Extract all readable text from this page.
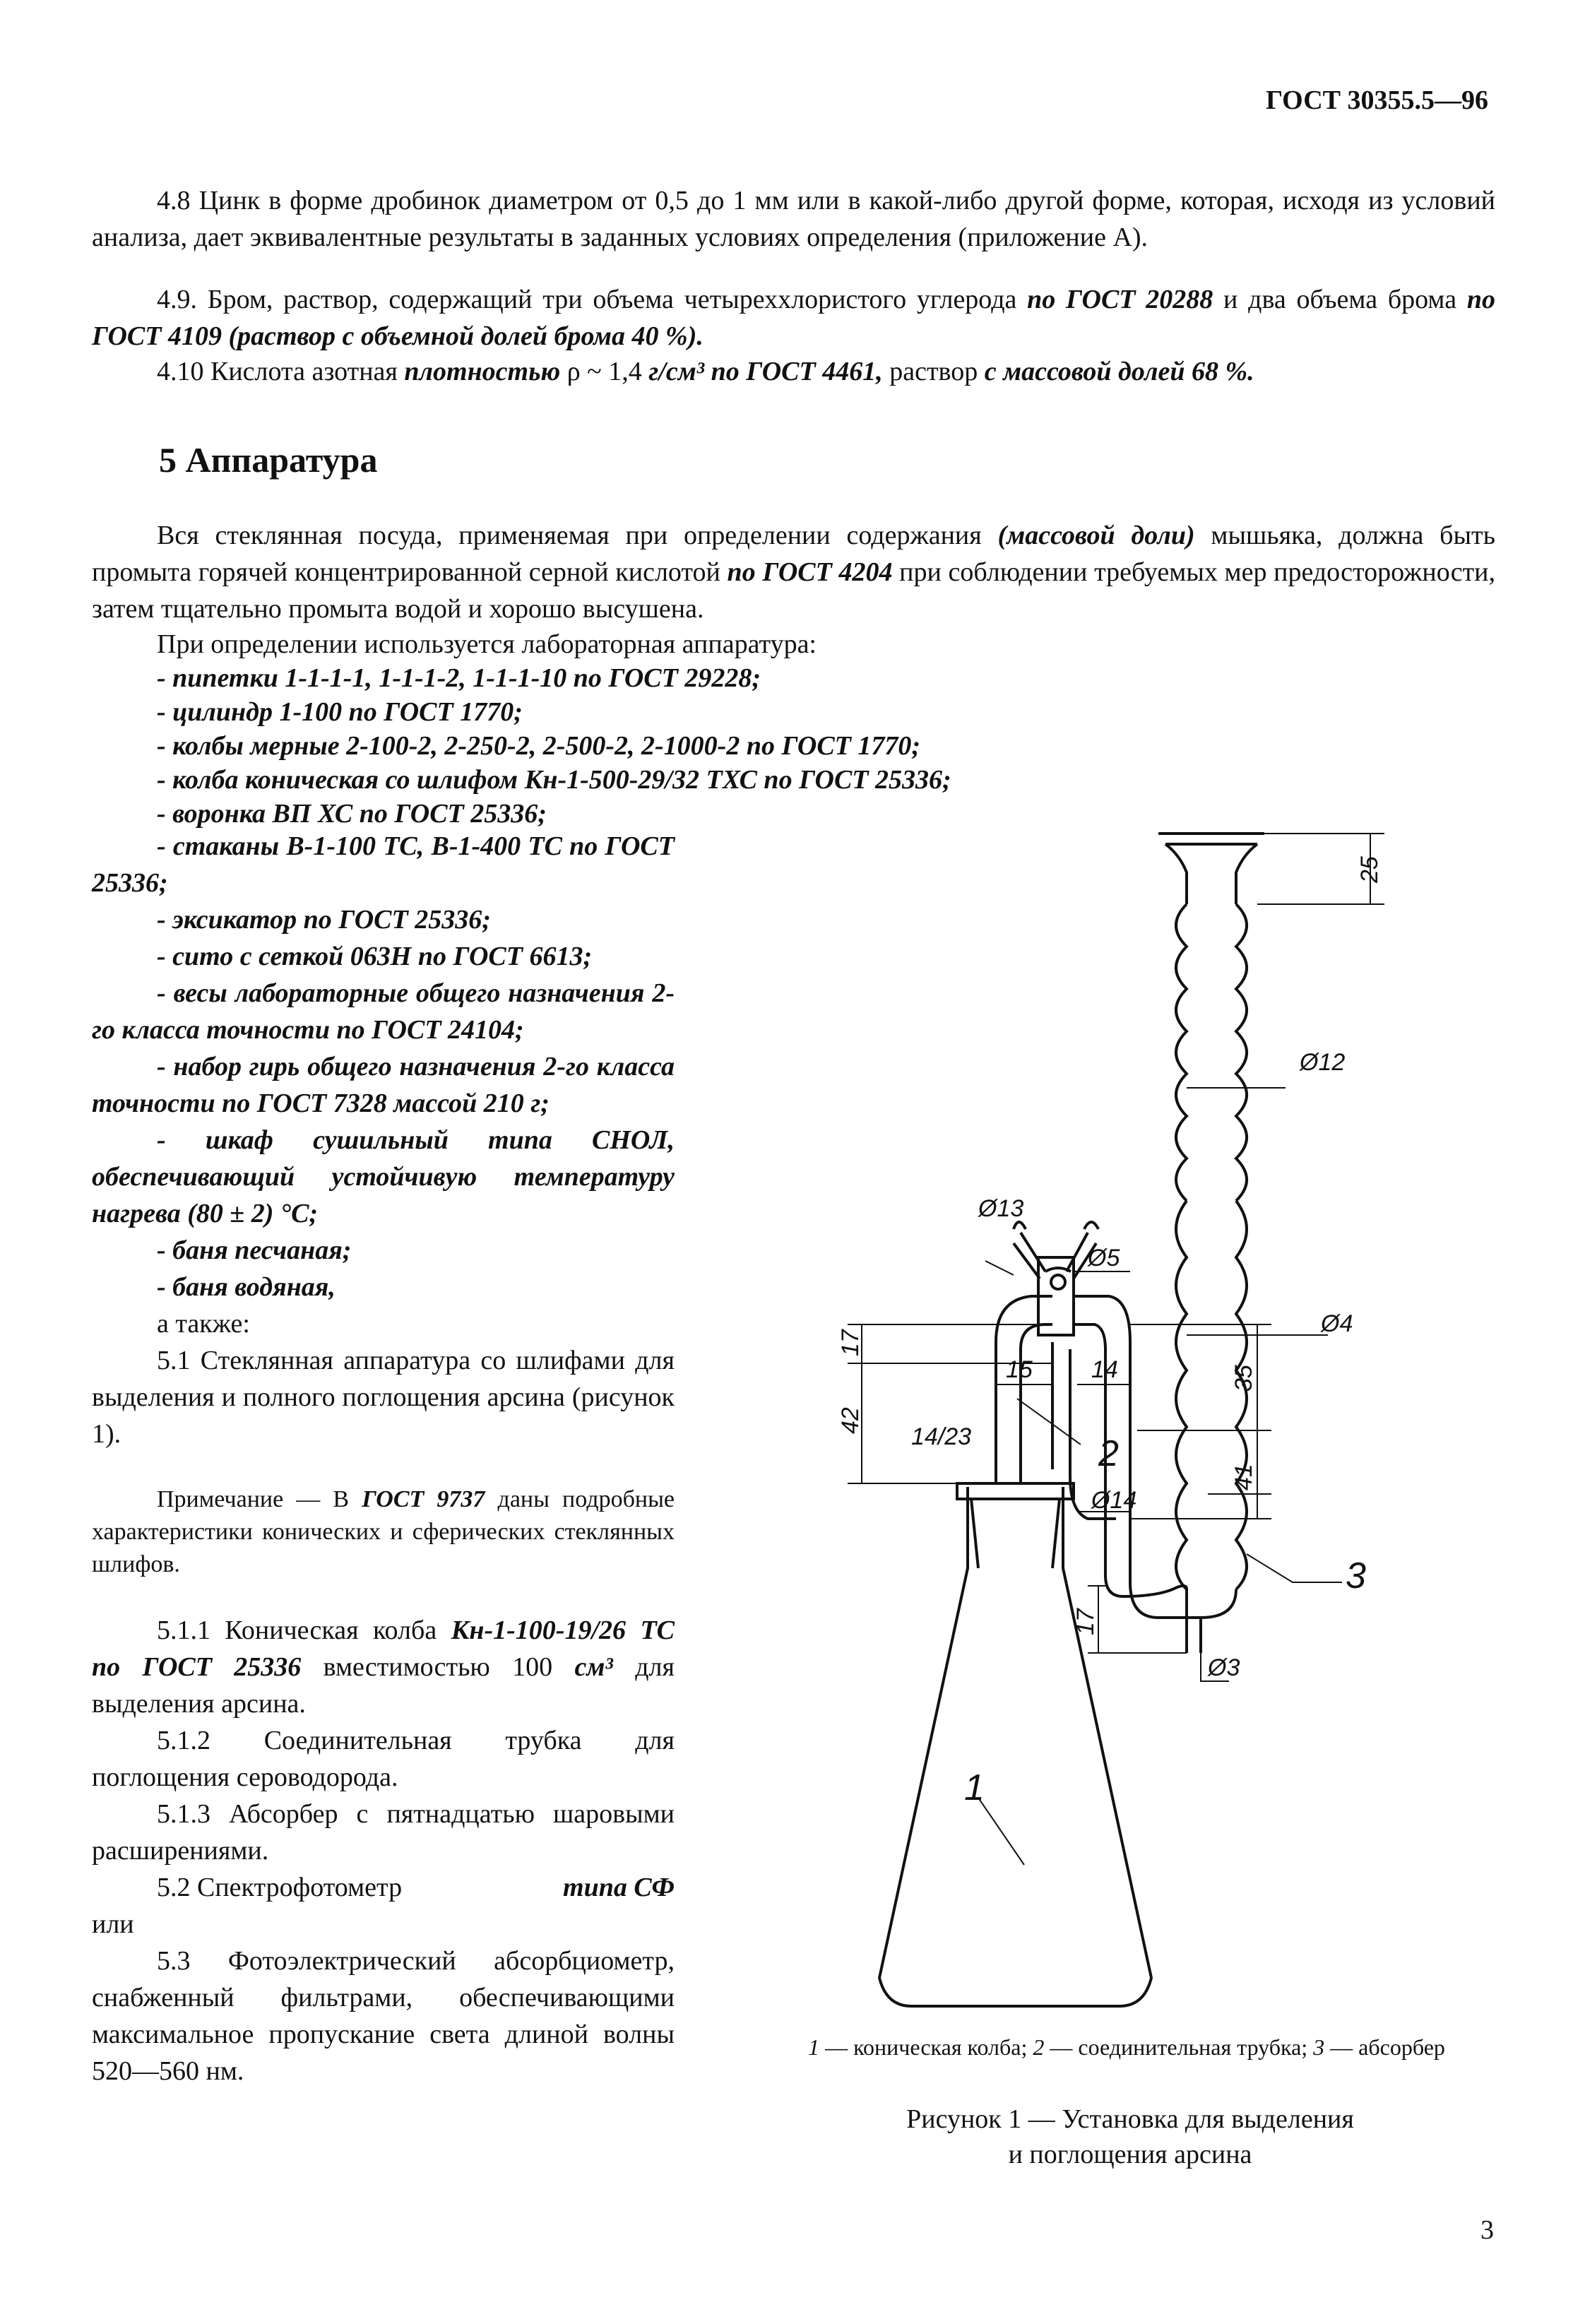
ГОСТ 30355.5—96
4.8 Цинк в форме дробинок диаметром от 0,5 до 1 мм или в какой-либо другой форме, которая, исходя из условий анализа, дает эквивалентные результаты в заданных условиях определения (приложение А).
4.9. Бром, раствор, содержащий три объема четыреххлористого углерода по ГОСТ 20288 и два объема брома по ГОСТ 4109 (раствор с объемной долей брома 40 %).
4.10 Кислота азотная плотностью ρ ~ 1,4 г/см³ по ГОСТ 4461, раствор с массовой долей 68 %.
5 Аппаратура
Вся стеклянная посуда, применяемая при определении содержания (массовой доли) мышьяка, должна быть промыта горячей концентрированной серной кислотой по ГОСТ 4204 при соблюдении требуемых мер предосторожности, затем тщательно промыта водой и хорошо высушена.
При определении используется лабораторная аппаратура:
- пипетки 1-1-1-1, 1-1-1-2, 1-1-1-10 по ГОСТ 29228;
- цилиндр 1-100 по ГОСТ 1770;
- колбы мерные 2-100-2, 2-250-2, 2-500-2, 2-1000-2 по ГОСТ 1770;
- колба коническая со шлифом Кн-1-500-29/32 ТХС по ГОСТ 25336;
- воронка ВП ХС по ГОСТ 25336;
- стаканы В-1-100 ТС, В-1-400 ТС по ГОСТ 25336;
- эксикатор по ГОСТ 25336;
- сито с сеткой 063Н по ГОСТ 6613;
- весы лабораторные общего назначения 2-го класса точности по ГОСТ 24104;
- набор гирь общего назначения 2-го класса точности по ГОСТ 7328 массой 210 г;
- шкаф сушильный типа СНОЛ, обеспечивающий устойчивую температуру нагрева (80 ± 2) °С;
- баня песчаная;
- баня водяная,
а также:
5.1 Стеклянная аппаратура со шлифами для выделения и полного поглощения арсина (рисунок 1).
Примечание — В ГОСТ 9737 даны подробные характеристики конических и сферических стеклянных шлифов.
5.1.1 Коническая колба Кн-1-100-19/26 ТС по ГОСТ 25336 вместимостью 100 см³ для выделения арсина.
5.1.2 Соединительная трубка для поглощения сероводорода.
5.1.3 Абсорбер с пятнадцатью шаровыми расширениями.
5.2 Спектрофотометр	типа СФ
или
5.3 Фотоэлектрический абсорбциометр, снабженный фильтрами, обеспечивающими максимальное пропускание света длиной волны 520—560 нм.
Ø13
Ø5
Ø12
Ø4
Ø14
Ø3
15 14
14/23
25
17
42
35
41
17
1
2
3
1 — коническая колба; 2 — соединительная трубка; 3 — абсорбер
Рисунок 1 — Установка для выделения
и поглощения арсина
3
